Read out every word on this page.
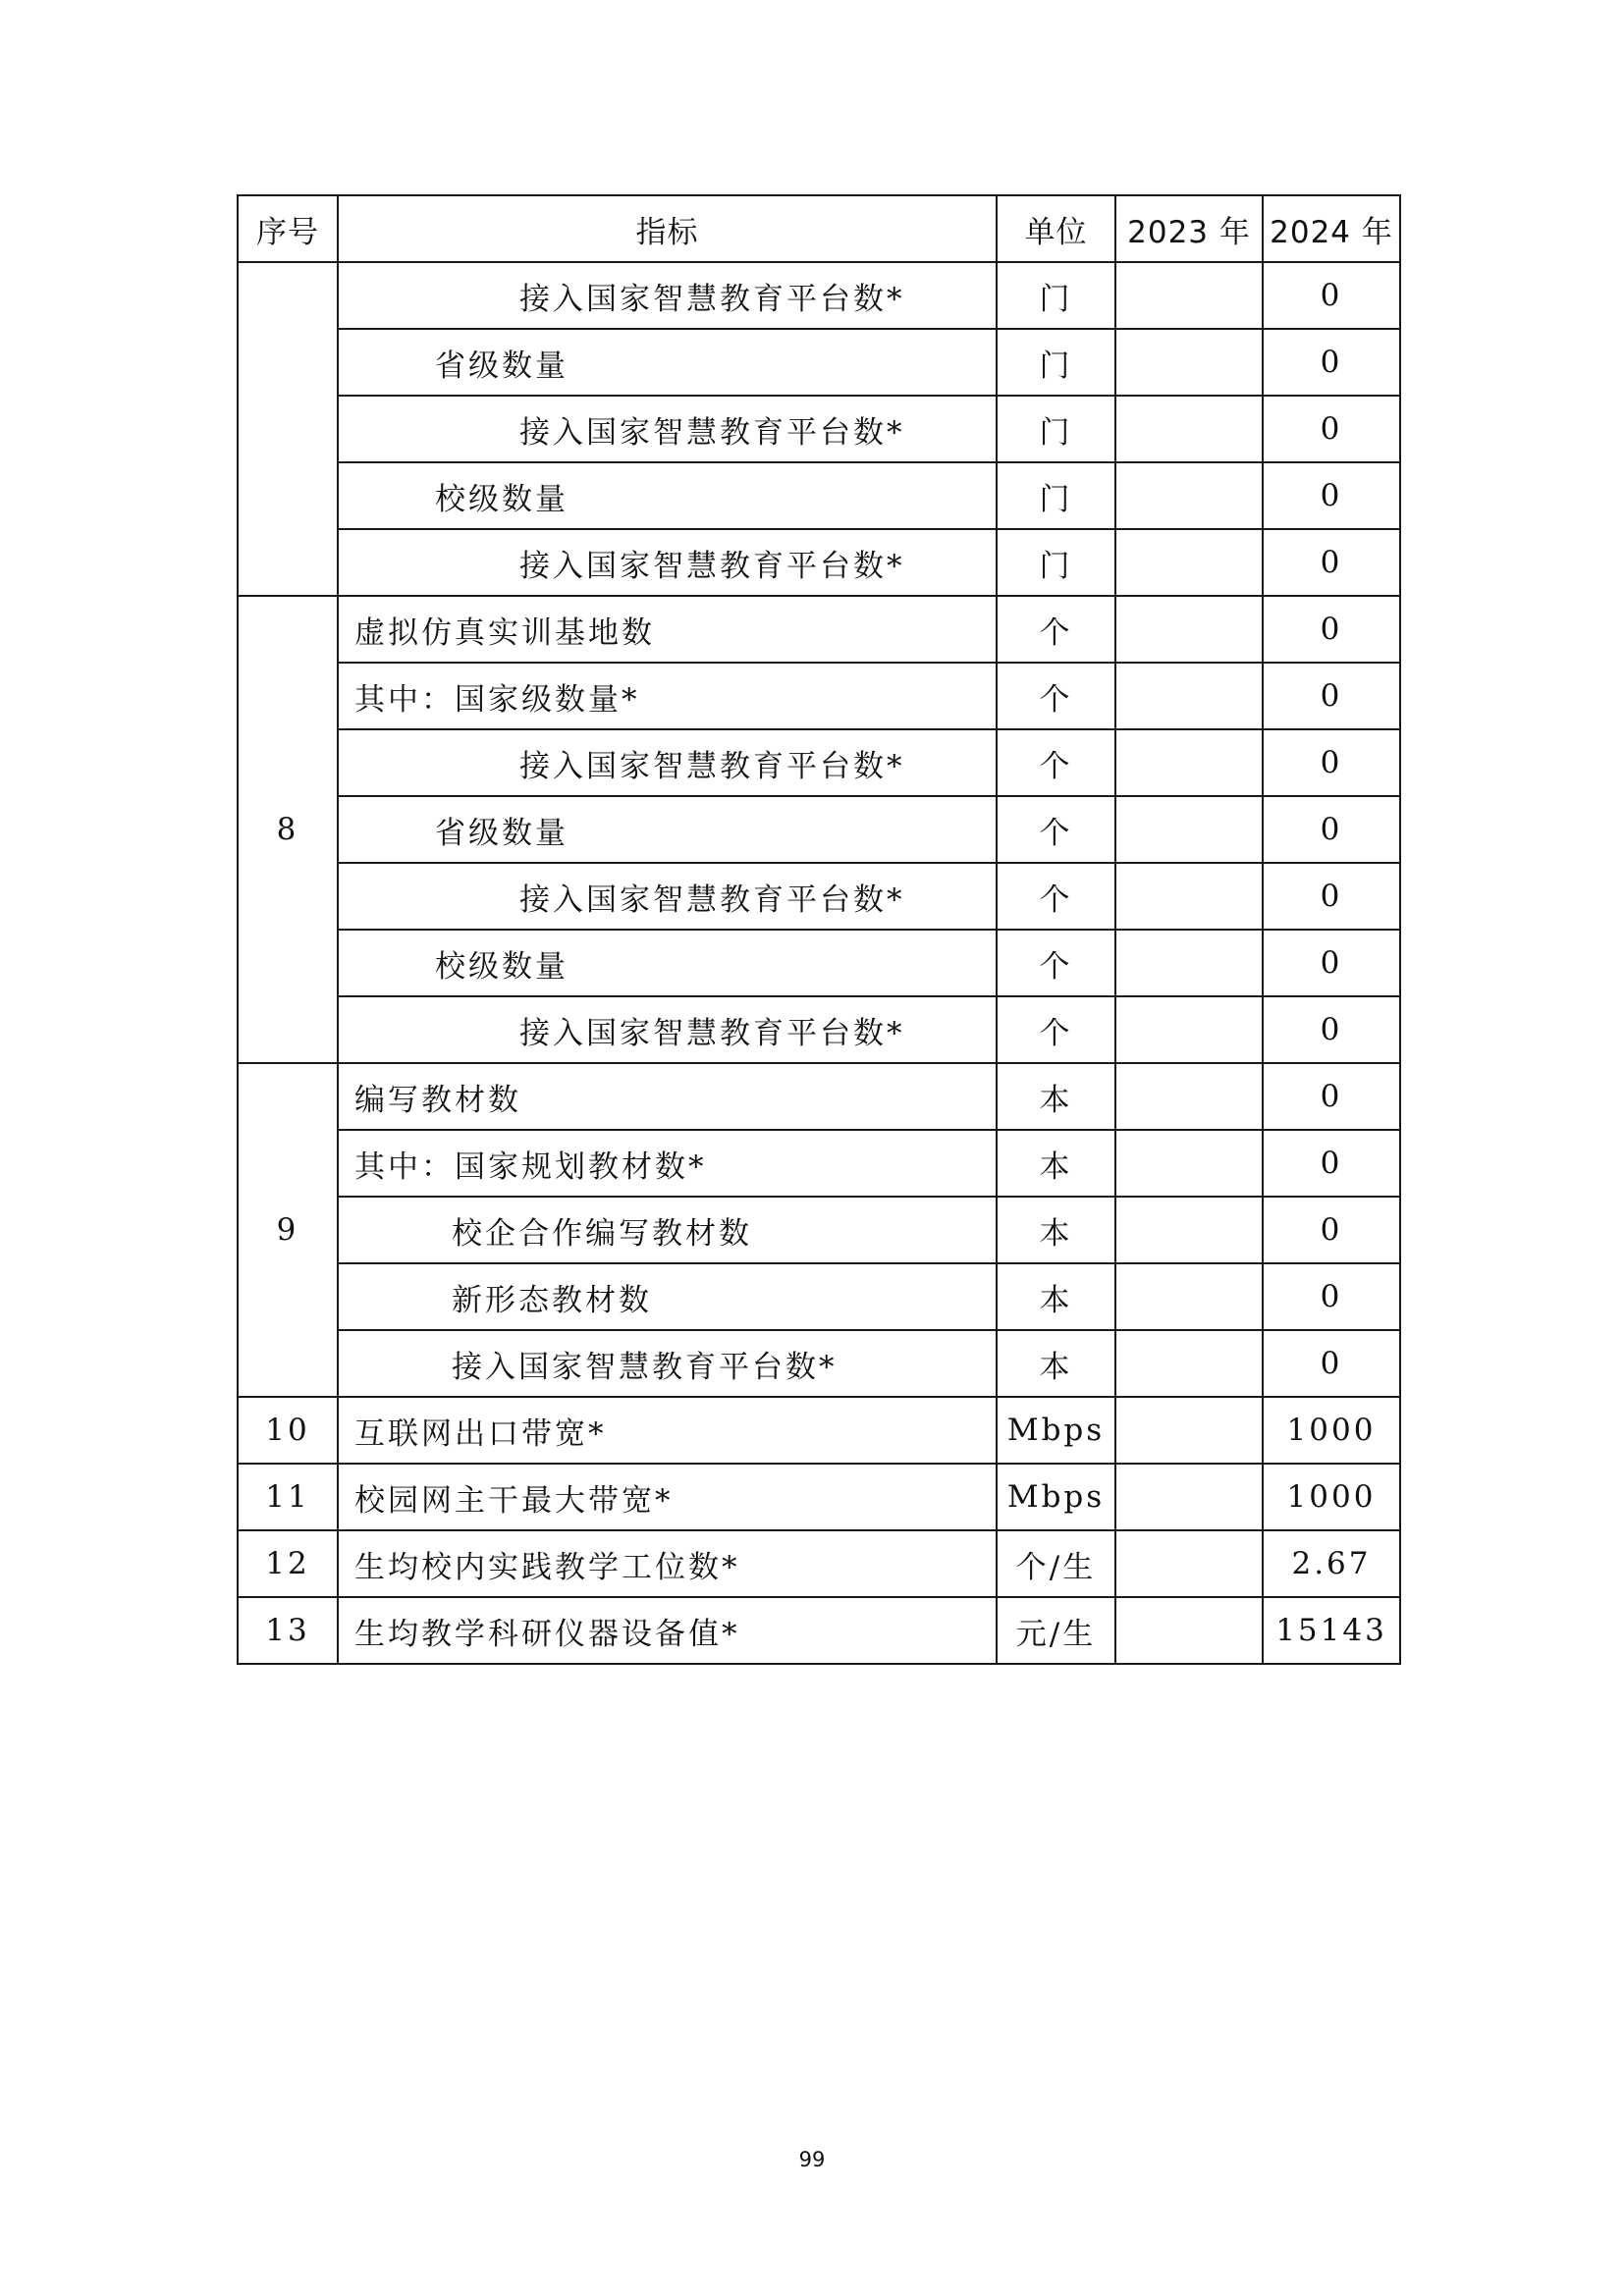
序号	指标	单位	2023 年	2024 年
	接入国家智慧教育平台数*	门		0
	省级数量	门		0
	接入国家智慧教育平台数*	门		0
	校级数量	门		0
	接入国家智慧教育平台数*	门		0
8	虚拟仿真实训基地数	个		0
	其中：国家级数量*	个		0
	接入国家智慧教育平台数*	个		0
	省级数量	个		0
	接入国家智慧教育平台数*	个		0
	校级数量	个		0
	接入国家智慧教育平台数*	个		0
9	编写教材数	本		0
	其中：国家规划教材数*	本		0
	校企合作编写教材数	本		0
	新形态教材数	本		0
	接入国家智慧教育平台数*	本		0
10	互联网出口带宽*	Mbps		1000
11	校园网主干最大带宽*	Mbps		1000
12	生均校内实践教学工位数*	个/生		2.67
13	生均教学科研仪器设备值*	元/生		15143
99
